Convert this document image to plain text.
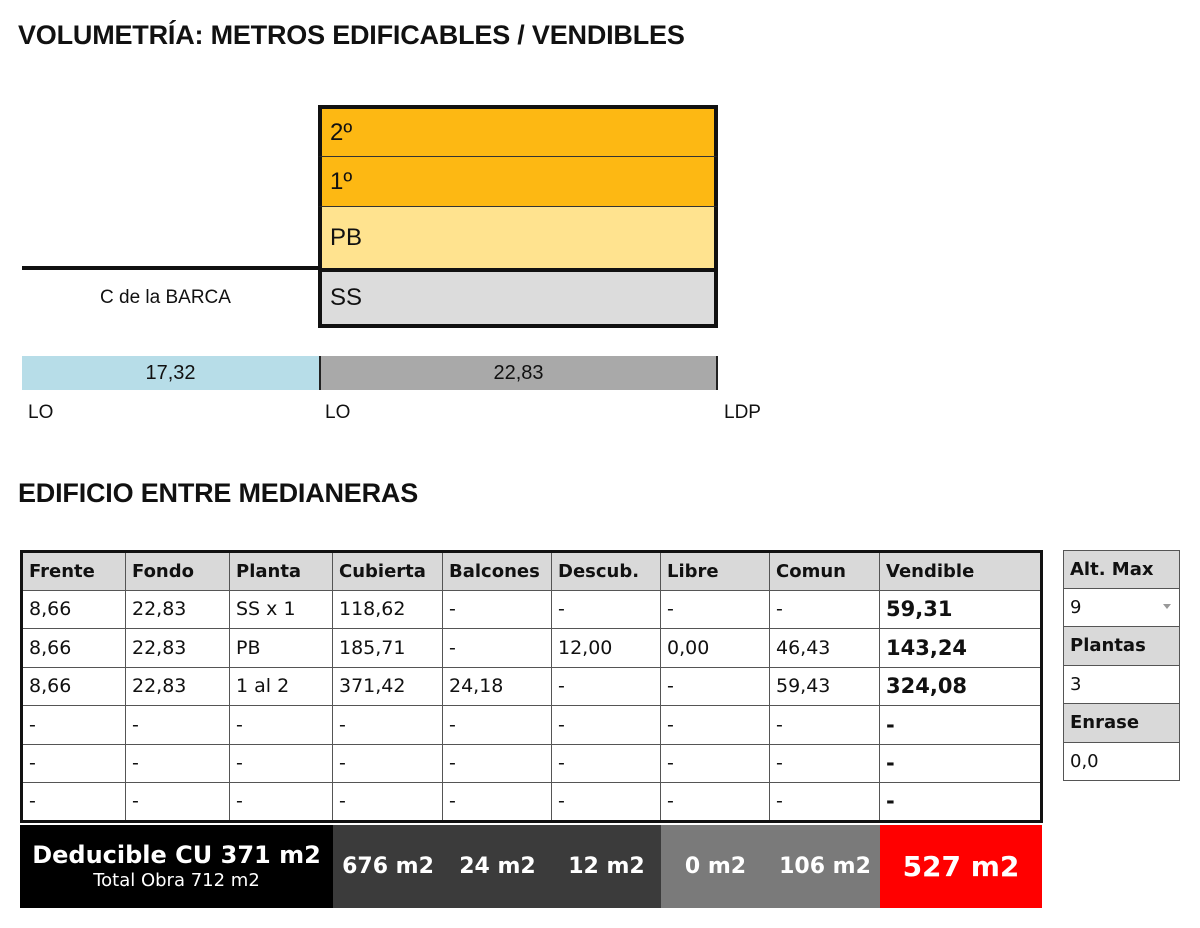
VOLUMETRÍA: METROS EDIFICABLES / VENDIBLES
2º
1º
PB
SS
C de la BARCA
17,32	22,83
LO	LO	LDP
EDIFICIO ENTRE MEDIANERAS
Frente	Fondo	Planta	Cubierta	Balcones	Descub.	Libre	Comun	Vendible
8,66	22,83	SS x 1	118,62	-	-	-	-	59,31
8,66	22,83	PB	185,71	-	12,00	0,00	46,43	143,24
8,66	22,83	1 al 2	371,42	24,18	-	-	59,43	324,08
-	-	-	-	-	-	-	-	-
-	-	-	-	-	-	-	-	-
-	-	-	-	-	-	-	-	-
Deducible CU 371 m2
Total Obra 712 m2
676 m2	24 m2	12 m2	0 m2	106 m2	527 m2
Alt. Max
9
Plantas
3
Enrase
0,0
